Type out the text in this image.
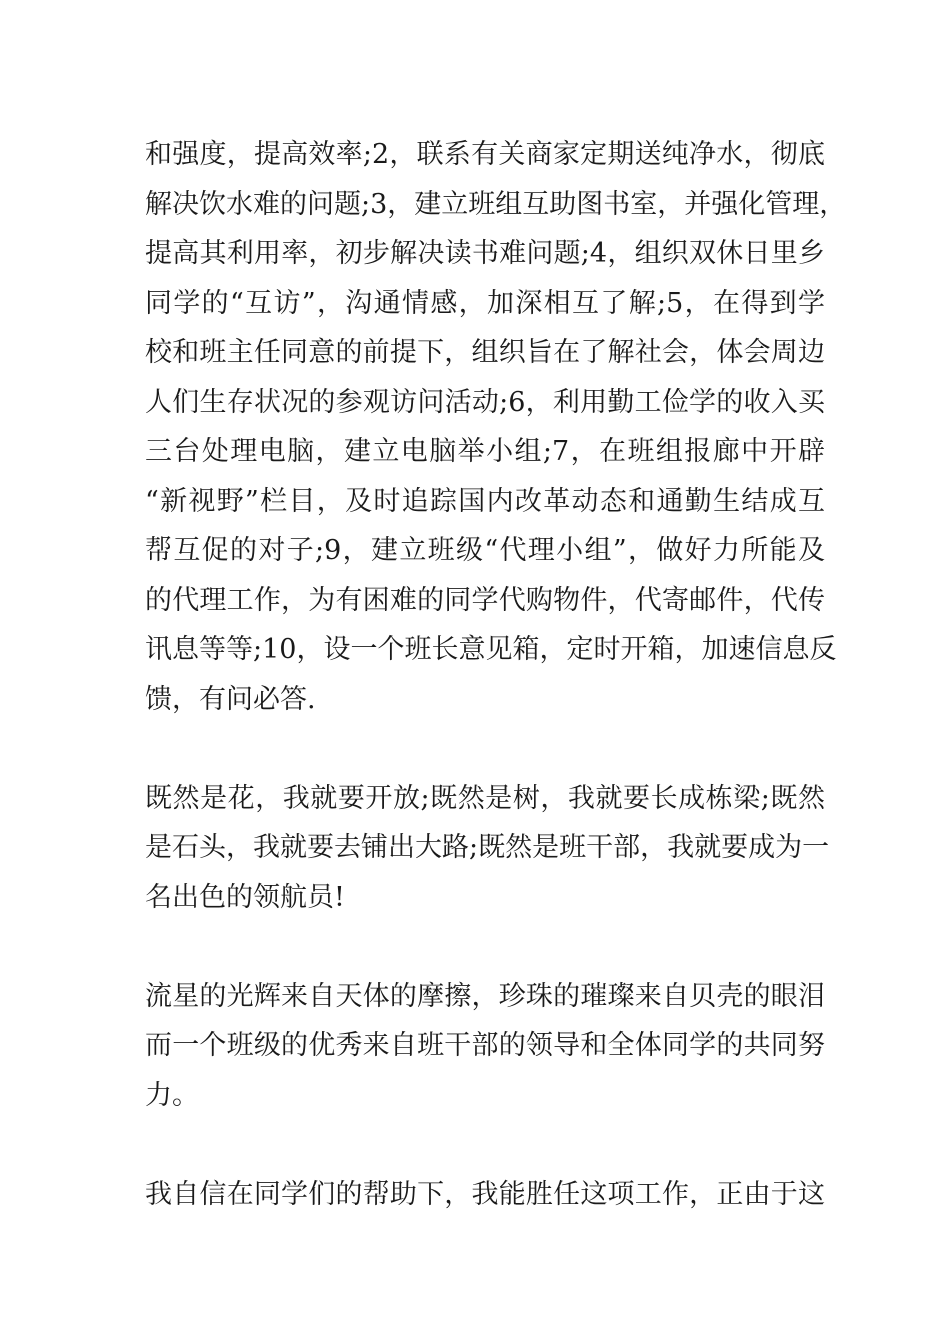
和强度，提高效率;2，联系有关商家定期送纯净水，彻底
解决饮水难的问题;3，建立班组互助图书室，并强化管理，
提高其利用率，初步解决读书难问题;4，组织双休日里乡
同学的“互访”，沟通情感，加深相互了解;5，在得到学
校和班主任同意的前提下，组织旨在了解社会，体会周边
人们生存状况的参观访问活动;6，利用勤工俭学的收入买
三台处理电脑，建立电脑举小组;7，在班组报廊中开辟
“新视野”栏目，及时追踪国内改革动态和通勤生结成互
帮互促的对子;9，建立班级“代理小组”，做好力所能及
的代理工作，为有困难的同学代购物件，代寄邮件，代传
讯息等等;10，设一个班长意见箱，定时开箱，加速信息反
馈，有问必答.
既然是花，我就要开放;既然是树，我就要长成栋梁;既然
是石头，我就要去铺出大路;既然是班干部，我就要成为一
名出色的领航员!
流星的光辉来自天体的摩擦，珍珠的璀璨来自贝壳的眼泪
而一个班级的优秀来自班干部的领导和全体同学的共同努
力。
我自信在同学们的帮助下，我能胜任这项工作，正由于这
